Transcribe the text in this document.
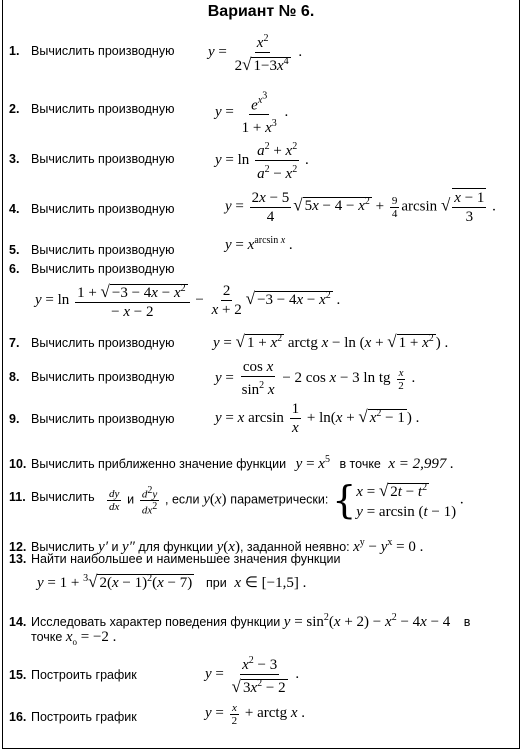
Вариант № 6.
1. Вычислить производную $y = \frac{x^2}{2√ 1-3x^4}$ .
2. Вычислить производную	$y = \frac{e^{x^3}}{1 + x^3}$ .
3. Вычислить производную	$y = \ln \frac{a^2 + x^2}{a^2 - x^2}$ .
4. Вычислить производную	$y = \frac{2x - 5}{4}$ √ $5x - 4 - x^2 + \frac{9}{4}$ arcsin √ $\frac{x - 1}{3}$ .
5. Вычислить производную	$y = x^{arcsin x}$ .
6. Вычислить производную
$y = \ln \frac{1 + √ -3 - 4x - x^2}{- x - 2} - \frac{2}{x + 2}$ √ $-3 - 4x - x^2$ .
7. Вычислить производную	y = √ $1 + x^2$ arctg x − ln (x + √ $1 + x^2$ ) .
8. Вычислить производную	$y = \frac{\text{cos x}}{\sin^2 x} - 2$ cos x − 3 ln tg $\frac{x}{2}$ .
9. Вычислить производную	y = x $\arcsin \frac{1}{x} + \ln(x$ + √ $x^2 - 1$ ) .
10. Вычислить приближенно значение функции $y = x^5$ в точке x = 2,997 .
11. Вычислить $\frac{dy}{dx}$ и $\frac{d^2y}{dx^2}$ , если y(x) параметрически: { x = √ $2t - t^2$
y = arcsin (t − 1)
.
12. Вычислить y′ и y″ для функции y(x), заданной неявно: $x^y - y^x = 0$ .
13. Найти наибольшее и наименьшее значения функции
y = 1 + $^3$√ $2(x - 1)^2(x - 7)$ при x ∈ [−1,5] .
14. Исследовать характер поведения функции $y = \sin^2(x + 2) - x^2 - 4x - 4$ в
точке $x_o = -2$ .
15. Построить график	$y = \frac{x^2 - 3}{√ 3x^2 - 2}$ .
16. Построить график	$y = \frac{x}{2}$ + arctg x .
